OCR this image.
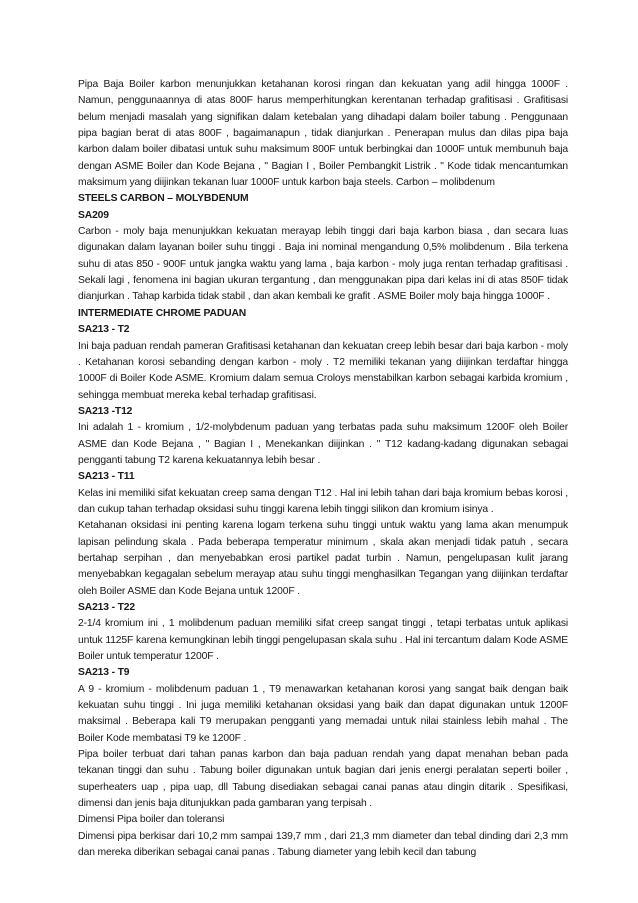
Pipa Baja Boiler karbon menunjukkan ketahanan korosi ringan dan kekuatan yang adil hingga 1000F . Namun, penggunaannya di atas 800F harus memperhitungkan kerentanan terhadap grafitisasi . Grafitisasi belum menjadi masalah yang signifikan dalam ketebalan yang dihadapi dalam boiler tabung . Penggunaan pipa bagian berat di atas 800F , bagaimanapun , tidak dianjurkan . Penerapan mulus dan dilas pipa baja karbon dalam boiler dibatasi untuk suhu maksimum 800F untuk berbingkai dan 1000F untuk membunuh baja dengan ASME Boiler dan Kode Bejana , " Bagian I , Boiler Pembangkit Listrik . " Kode tidak mencantumkan maksimum yang diijinkan tekanan luar 1000F untuk karbon baja steels. Carbon – molibdenum

STEELS CARBON – MOLYBDENUM
SA209

Carbon - moly baja menunjukkan kekuatan merayap lebih tinggi dari baja karbon biasa , dan secara luas digunakan dalam layanan boiler suhu tinggi . Baja ini nominal mengandung 0,5% molibdenum . Bila terkena suhu di atas 850 - 900F untuk jangka waktu yang lama , baja karbon - moly juga rentan terhadap grafitisasi . Sekali lagi , fenomena ini bagian ukuran tergantung , dan menggunakan pipa dari kelas ini di atas 850F tidak dianjurkan . Tahap karbida tidak stabil , dan akan kembali ke grafit . ASME Boiler moly baja hingga 1000F .

INTERMEDIATE CHROME PADUAN
SA213 - T2

Ini baja paduan rendah pameran Grafitisasi ketahanan dan kekuatan creep lebih besar dari baja karbon - moly . Ketahanan korosi sebanding dengan karbon - moly . T2 memiliki tekanan yang diijinkan terdaftar hingga 1000F di Boiler Kode ASME. Kromium dalam semua Croloys menstabilkan karbon sebagai karbida kromium , sehingga membuat mereka kebal terhadap grafitisasi.

SA213 -T12

Ini adalah 1 - kromium , 1/2-molybdenum paduan yang terbatas pada suhu maksimum 1200F oleh Boiler ASME dan Kode Bejana , " Bagian I , Menekankan diijinkan . " T12 kadang-kadang digunakan sebagai pengganti tabung T2 karena kekuatannya lebih besar .

SA213 - T11

Kelas ini memiliki sifat kekuatan creep sama dengan T12 . Hal ini lebih tahan dari baja kromium bebas korosi , dan cukup tahan terhadap oksidasi suhu tinggi karena lebih tinggi silikon dan kromium isinya .

Ketahanan oksidasi ini penting karena logam terkena suhu tinggi untuk waktu yang lama akan menumpuk lapisan pelindung skala . Pada beberapa temperatur minimum , skala akan menjadi tidak patuh , secara bertahap serpihan , dan menyebabkan erosi partikel padat turbin . Namun, pengelupasan kulit jarang menyebabkan kegagalan sebelum merayap atau suhu tinggi menghasilkan Tegangan yang diijinkan terdaftar oleh Boiler ASME dan Kode Bejana untuk 1200F .

SA213 - T22

2-1/4 kromium ini , 1 molibdenum paduan memiliki sifat creep sangat tinggi , tetapi terbatas untuk aplikasi untuk 1125F karena kemungkinan lebih tinggi pengelupasan skala suhu . Hal ini tercantum dalam Kode ASME Boiler untuk temperatur 1200F .

SA213 - T9

A 9 - kromium - molibdenum paduan 1 , T9 menawarkan ketahanan korosi yang sangat baik dengan baik kekuatan suhu tinggi . Ini juga memiliki ketahanan oksidasi yang baik dan dapat digunakan untuk 1200F maksimal . Beberapa kali T9 merupakan pengganti yang memadai untuk nilai stainless lebih mahal . The Boiler Kode membatasi T9 ke 1200F .

Pipa boiler terbuat dari tahan panas karbon dan baja paduan rendah yang dapat menahan beban pada tekanan tinggi dan suhu . Tabung boiler digunakan untuk bagian dari jenis energi peralatan seperti boiler , superheaters uap , pipa uap, dll Tabung disediakan sebagai canai panas atau dingin ditarik . Spesifikasi, dimensi dan jenis baja ditunjukkan pada gambaran yang terpisah .

Dimensi Pipa boiler dan toleransi

Dimensi pipa berkisar dari 10,2 mm sampai 139,7 mm , dari 21,3 mm diameter dan tebal dinding dari 2,3 mm dan mereka diberikan sebagai canai panas . Tabung diameter yang lebih kecil dan tabung
